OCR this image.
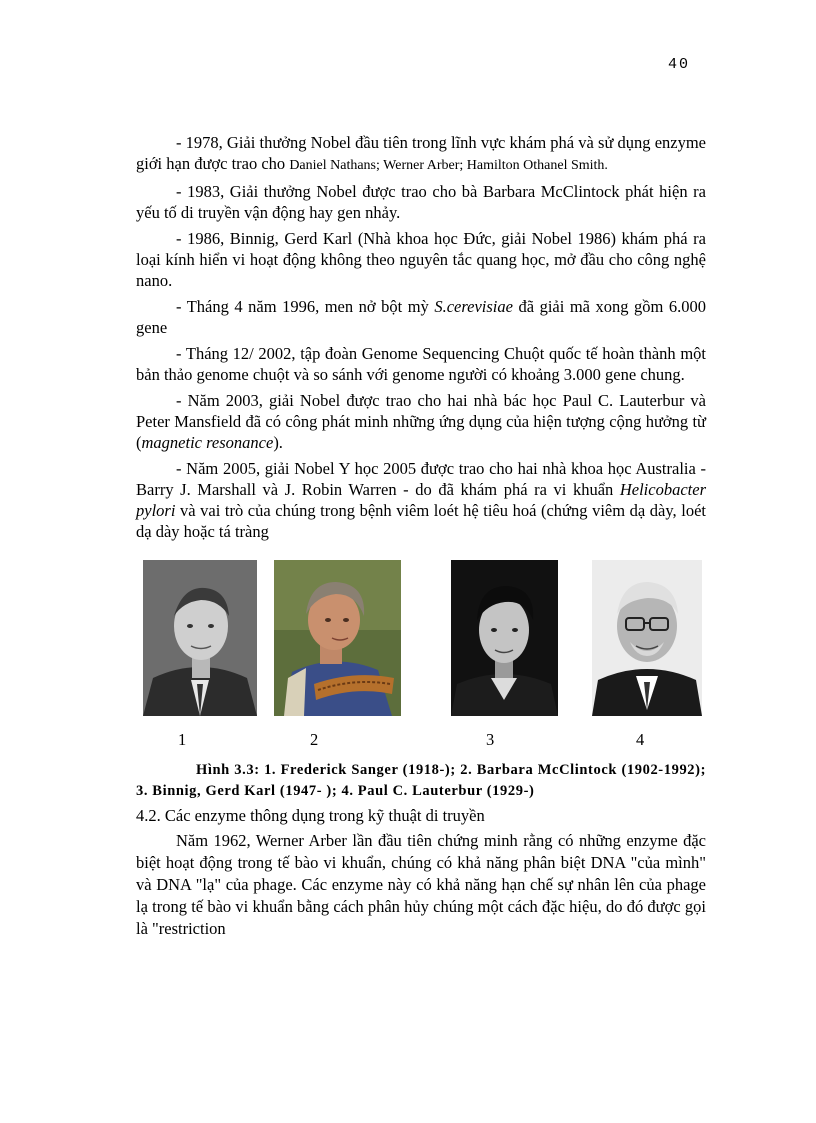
40

- 1978, Giải thưởng Nobel đầu tiên trong lĩnh vực khám phá và sử dụng enzyme giới hạn được trao cho Daniel Nathans; Werner Arber; Hamilton Othanel Smith.

- 1983, Giải thưởng Nobel được trao cho bà Barbara McClintock phát hiện ra yếu tố di truyền vận động hay gen nhảy.

- 1986, Binnig, Gerd Karl (Nhà khoa học Đức, giải Nobel 1986) khám phá ra loại kính hiển vi hoạt động không theo nguyên tắc quang học, mở đầu cho công nghệ nano.

- Tháng 4 năm 1996, men nở bột mỳ S.cerevisiae đã giải mã xong gồm 6.000 gene

- Tháng 12/ 2002, tập đoàn Genome Sequencing Chuột quốc tế hoàn thành một bản thảo genome chuột và so sánh với genome người có khoảng 3.000 gene chung.

- Năm 2003, giải Nobel được trao cho hai nhà bác học Paul C. Lauterbur và Peter Mansfield đã có công phát minh những ứng dụng của hiện tượng cộng hưởng từ (magnetic resonance).

- Năm 2005, giải Nobel Y học 2005 được trao cho hai nhà khoa học Australia - Barry J. Marshall và J. Robin Warren - do đã khám phá ra vi khuẩn Helicobacter pylori và vai trò của chúng trong bệnh viêm loét hệ tiêu hoá (chứng viêm dạ dày, loét dạ dày hoặc tá tràng

1	2	3	4

Hình 3.3: 1. Frederick Sanger (1918-); 2. Barbara McClintock (1902-1992); 3. Binnig, Gerd Karl (1947- ); 4. Paul C. Lauterbur (1929-)

4.2. Các enzyme thông dụng trong kỹ thuật di truyền

Năm 1962, Werner Arber lần đầu tiên chứng minh rằng có những enzyme đặc biệt hoạt động trong tế bào vi khuẩn, chúng có khả năng phân biệt DNA "của mình" và DNA "lạ" của phage. Các enzyme này có khả năng hạn chế sự nhân lên của phage lạ trong tế bào vi khuẩn bằng cách phân hủy chúng một cách đặc hiệu, do đó được gọi là "restriction
